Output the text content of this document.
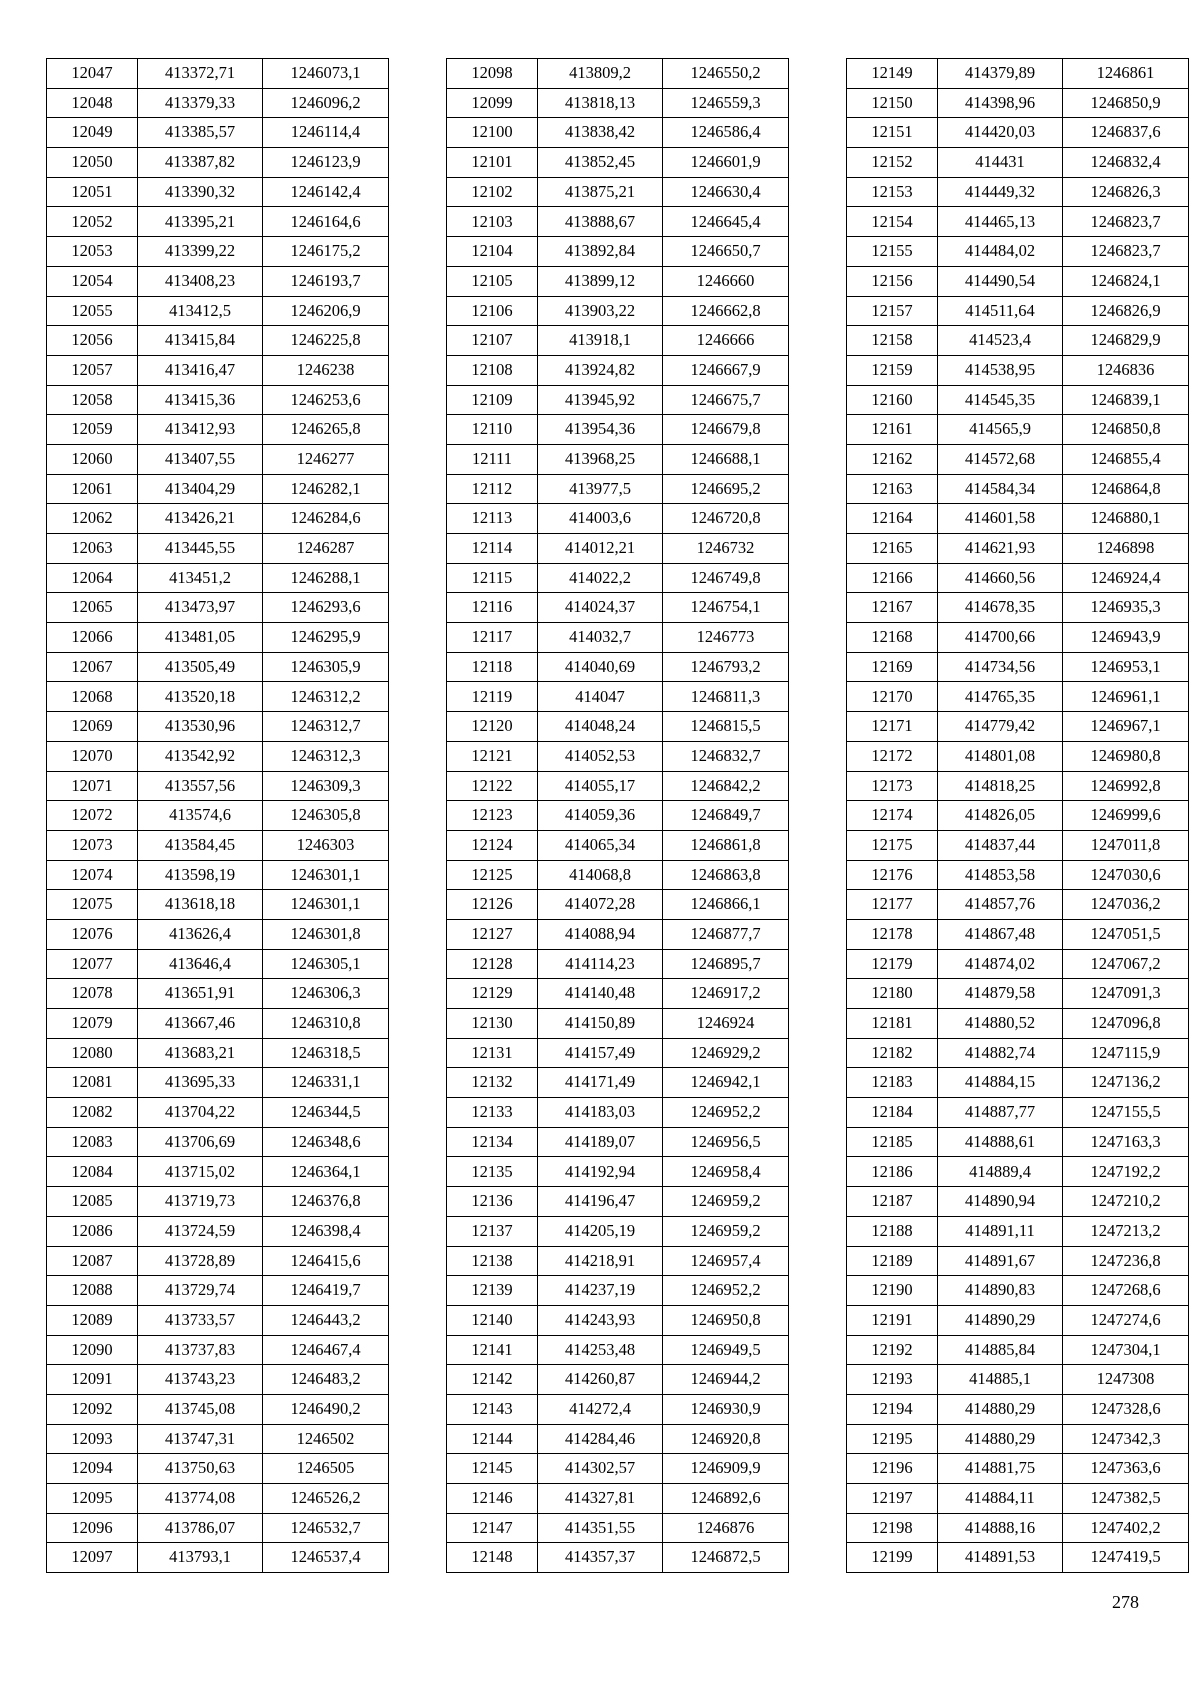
12047	413372,71	1246073,1
12048	413379,33	1246096,2
12049	413385,57	1246114,4
12050	413387,82	1246123,9
12051	413390,32	1246142,4
12052	413395,21	1246164,6
12053	413399,22	1246175,2
12054	413408,23	1246193,7
12055	413412,5	1246206,9
12056	413415,84	1246225,8
12057	413416,47	1246238
12058	413415,36	1246253,6
12059	413412,93	1246265,8
12060	413407,55	1246277
12061	413404,29	1246282,1
12062	413426,21	1246284,6
12063	413445,55	1246287
12064	413451,2	1246288,1
12065	413473,97	1246293,6
12066	413481,05	1246295,9
12067	413505,49	1246305,9
12068	413520,18	1246312,2
12069	413530,96	1246312,7
12070	413542,92	1246312,3
12071	413557,56	1246309,3
12072	413574,6	1246305,8
12073	413584,45	1246303
12074	413598,19	1246301,1
12075	413618,18	1246301,1
12076	413626,4	1246301,8
12077	413646,4	1246305,1
12078	413651,91	1246306,3
12079	413667,46	1246310,8
12080	413683,21	1246318,5
12081	413695,33	1246331,1
12082	413704,22	1246344,5
12083	413706,69	1246348,6
12084	413715,02	1246364,1
12085	413719,73	1246376,8
12086	413724,59	1246398,4
12087	413728,89	1246415,6
12088	413729,74	1246419,7
12089	413733,57	1246443,2
12090	413737,83	1246467,4
12091	413743,23	1246483,2
12092	413745,08	1246490,2
12093	413747,31	1246502
12094	413750,63	1246505
12095	413774,08	1246526,2
12096	413786,07	1246532,7
12097	413793,1	1246537,4
12098	413809,2	1246550,2
12099	413818,13	1246559,3
12100	413838,42	1246586,4
12101	413852,45	1246601,9
12102	413875,21	1246630,4
12103	413888,67	1246645,4
12104	413892,84	1246650,7
12105	413899,12	1246660
12106	413903,22	1246662,8
12107	413918,1	1246666
12108	413924,82	1246667,9
12109	413945,92	1246675,7
12110	413954,36	1246679,8
12111	413968,25	1246688,1
12112	413977,5	1246695,2
12113	414003,6	1246720,8
12114	414012,21	1246732
12115	414022,2	1246749,8
12116	414024,37	1246754,1
12117	414032,7	1246773
12118	414040,69	1246793,2
12119	414047	1246811,3
12120	414048,24	1246815,5
12121	414052,53	1246832,7
12122	414055,17	1246842,2
12123	414059,36	1246849,7
12124	414065,34	1246861,8
12125	414068,8	1246863,8
12126	414072,28	1246866,1
12127	414088,94	1246877,7
12128	414114,23	1246895,7
12129	414140,48	1246917,2
12130	414150,89	1246924
12131	414157,49	1246929,2
12132	414171,49	1246942,1
12133	414183,03	1246952,2
12134	414189,07	1246956,5
12135	414192,94	1246958,4
12136	414196,47	1246959,2
12137	414205,19	1246959,2
12138	414218,91	1246957,4
12139	414237,19	1246952,2
12140	414243,93	1246950,8
12141	414253,48	1246949,5
12142	414260,87	1246944,2
12143	414272,4	1246930,9
12144	414284,46	1246920,8
12145	414302,57	1246909,9
12146	414327,81	1246892,6
12147	414351,55	1246876
12148	414357,37	1246872,5
12149	414379,89	1246861
12150	414398,96	1246850,9
12151	414420,03	1246837,6
12152	414431	1246832,4
12153	414449,32	1246826,3
12154	414465,13	1246823,7
12155	414484,02	1246823,7
12156	414490,54	1246824,1
12157	414511,64	1246826,9
12158	414523,4	1246829,9
12159	414538,95	1246836
12160	414545,35	1246839,1
12161	414565,9	1246850,8
12162	414572,68	1246855,4
12163	414584,34	1246864,8
12164	414601,58	1246880,1
12165	414621,93	1246898
12166	414660,56	1246924,4
12167	414678,35	1246935,3
12168	414700,66	1246943,9
12169	414734,56	1246953,1
12170	414765,35	1246961,1
12171	414779,42	1246967,1
12172	414801,08	1246980,8
12173	414818,25	1246992,8
12174	414826,05	1246999,6
12175	414837,44	1247011,8
12176	414853,58	1247030,6
12177	414857,76	1247036,2
12178	414867,48	1247051,5
12179	414874,02	1247067,2
12180	414879,58	1247091,3
12181	414880,52	1247096,8
12182	414882,74	1247115,9
12183	414884,15	1247136,2
12184	414887,77	1247155,5
12185	414888,61	1247163,3
12186	414889,4	1247192,2
12187	414890,94	1247210,2
12188	414891,11	1247213,2
12189	414891,67	1247236,8
12190	414890,83	1247268,6
12191	414890,29	1247274,6
12192	414885,84	1247304,1
12193	414885,1	1247308
12194	414880,29	1247328,6
12195	414880,29	1247342,3
12196	414881,75	1247363,6
12197	414884,11	1247382,5
12198	414888,16	1247402,2
12199	414891,53	1247419,5
278
